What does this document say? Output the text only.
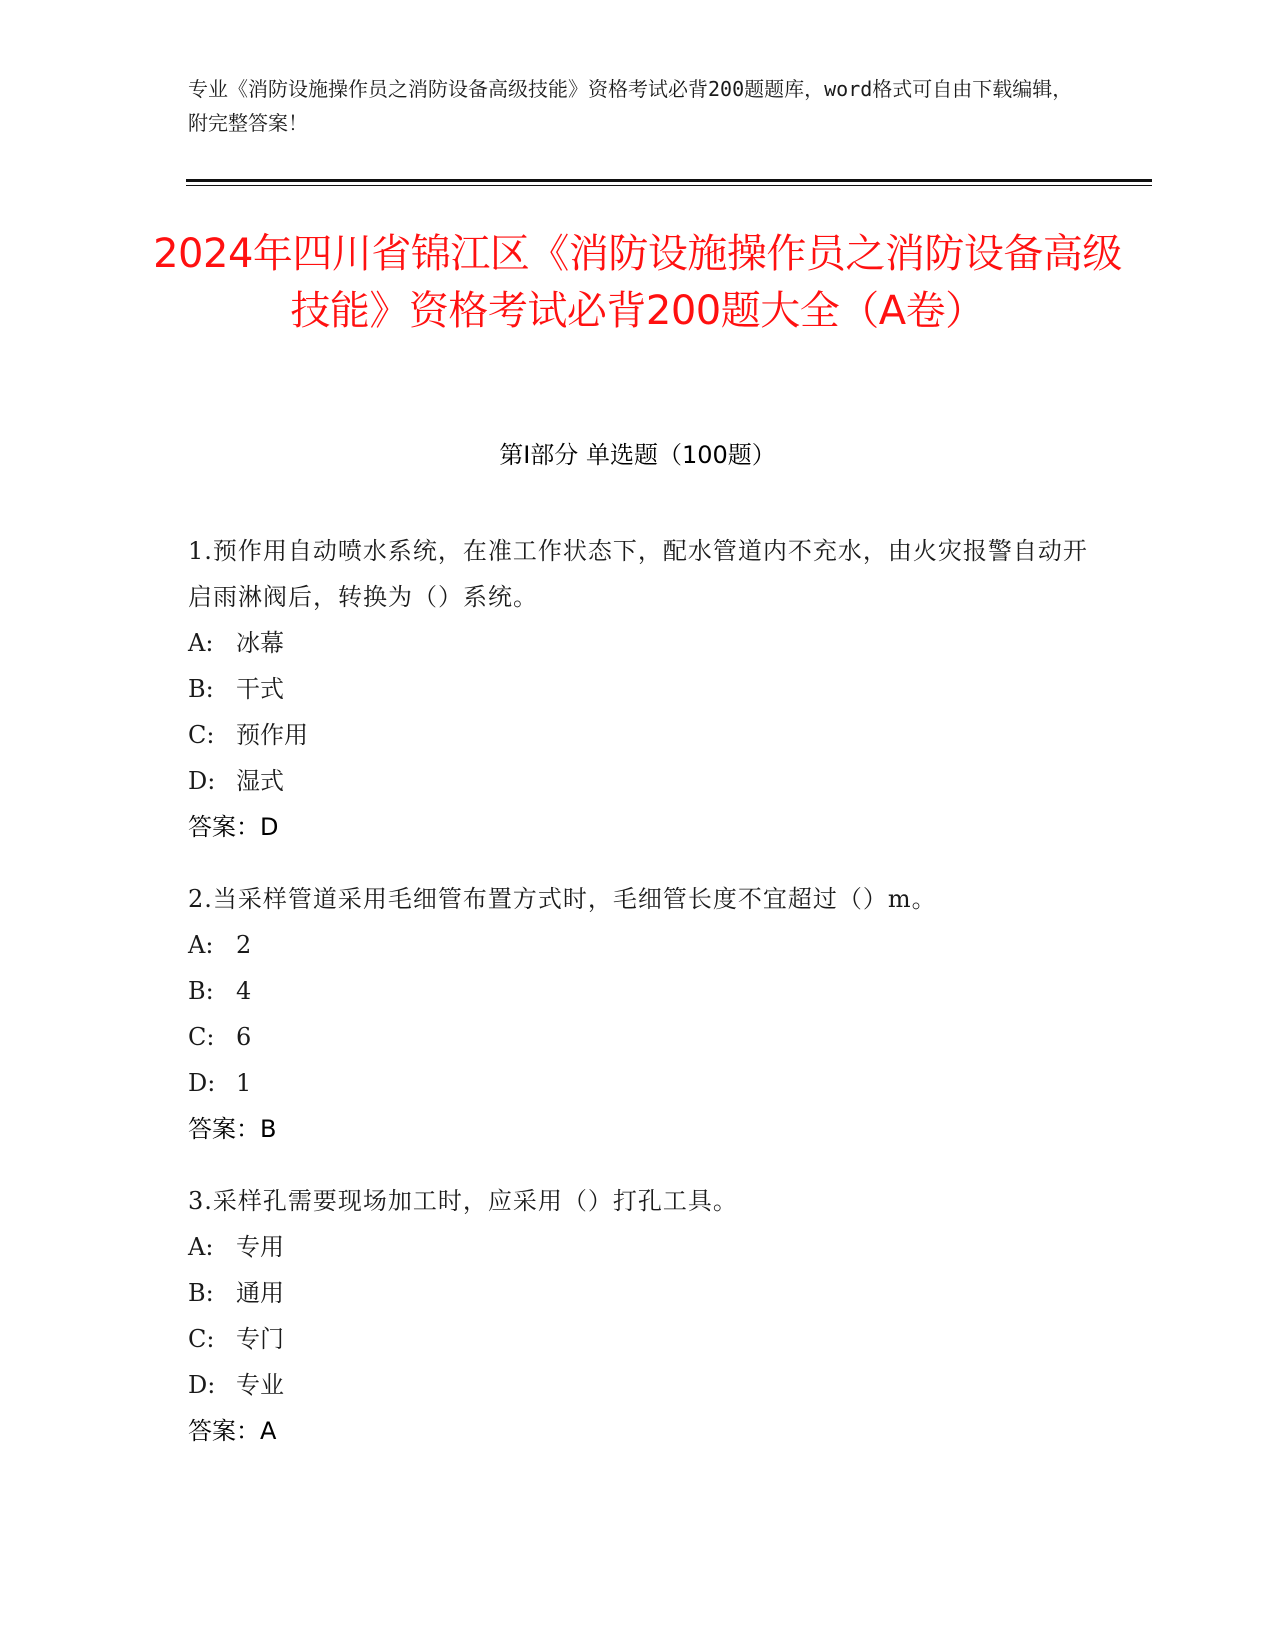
专业《消防设施操作员之消防设备高级技能》资格考试必背200题题库，word格式可自由下载编辑，附完整答案！
2024年四川省锦江区《消防设施操作员之消防设备高级技能》资格考试必背200题大全（A卷）
第I部分 单选题（100题）

1.预作用自动喷水系统，在准工作状态下，配水管道内不充水，由火灾报警自动开启雨淋阀后，转换为（）系统。

A: 冰幕
B: 干式
C: 预作用
D: 湿式
答案：D

2.当采样管道采用毛细管布置方式时，毛细管长度不宜超过（）m。

A: 2
B: 4
C: 6
D: 1
答案：B

3.采样孔需要现场加工时，应采用（）打孔工具。

A: 专用
B: 通用
C: 专门
D: 专业
答案：A
